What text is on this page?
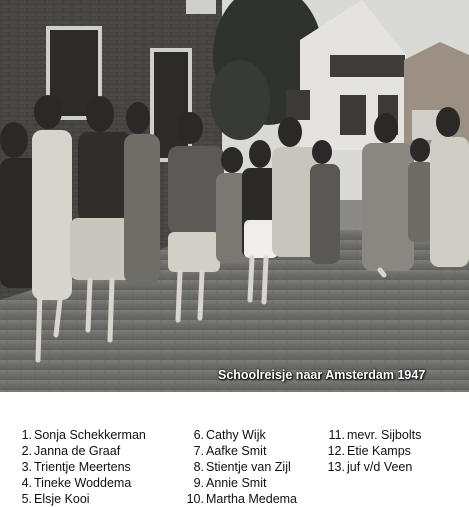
Schoolreisje naar Amsterdam 1947
1. Sonja Schekkerman
2. Janna de Graaf
3. Trientje Meertens
4. Tineke Woddema
5. Elsje Kooi
6. Cathy Wijk
7. Aafke Smit
8. Stientje van Zijl
9. Annie Smit
10. Martha Medema
11. mevr. Sijbolts
12. Etie Kamps
13. juf v/d Veen
